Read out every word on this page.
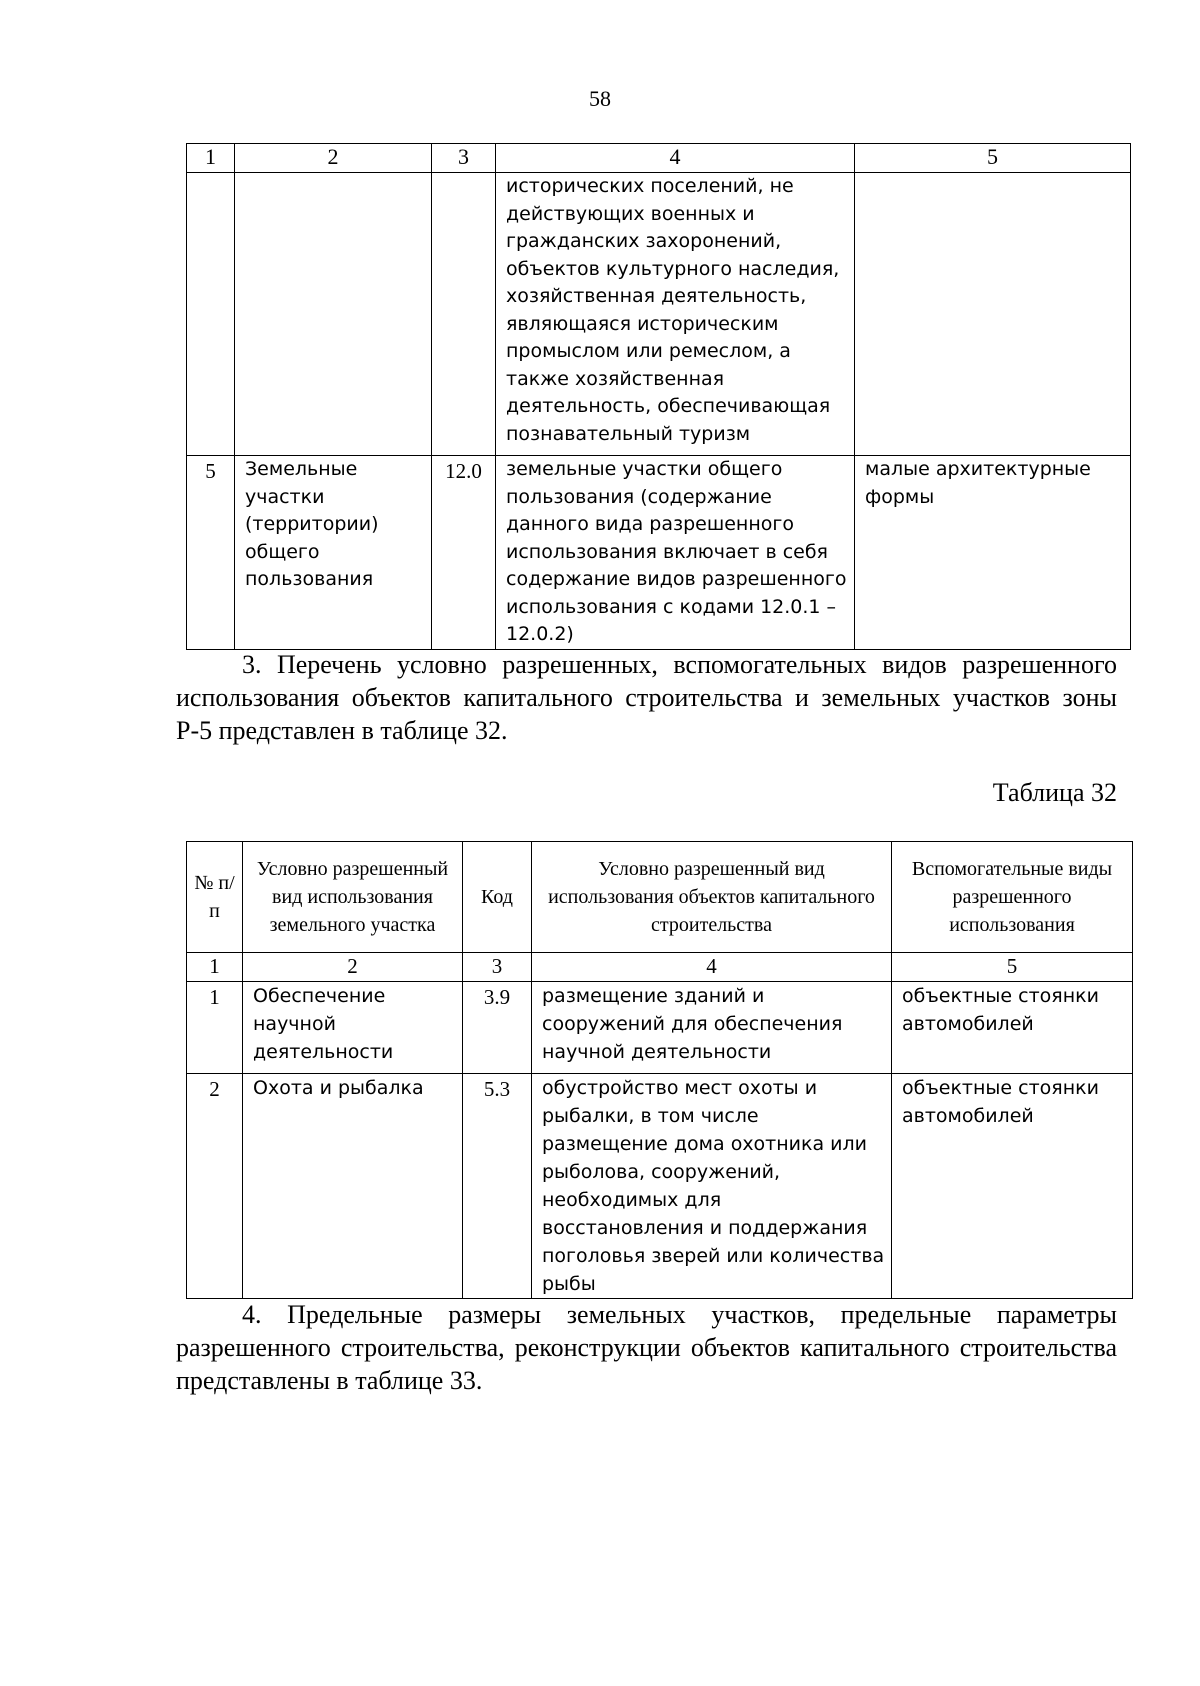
58
1	2	3	4	5
			исторических поселений, не действующих военных и гражданских захоронений, объектов культурного наследия, хозяйственная деятельность, являющаяся историческим промыслом или ремеслом, а также хозяйственная деятельность, обеспечивающая познавательный туризм	
5	Земельные участки (территории) общего пользования	12.0	земельные участки общего пользования (содержание данного вида разрешенного использования включает в себя содержание видов разрешенного использования с кодами 12.0.1 – 12.0.2)	малые архитектурные формы

3. Перечень условно разрешенных, вспомогательных видов разрешенного использования объектов капитального строительства и земельных участков зоны Р-5 представлен в таблице 32.

Таблица 32
№ п/п	Условно разрешенный вид использования земельного участка	Код	Условно разрешенный вид использования объектов капитального строительства	Вспомогательные виды разрешенного использования
1	2	3	4	5
1	Обеспечение научной деятельности	3.9	размещение зданий и сооружений для обеспечения научной деятельности	объектные стоянки автомобилей
2	Охота и рыбалка	5.3	обустройство мест охоты и рыбалки, в том числе размещение дома охотника или рыболова, сооружений, необходимых для восстановления и поддержания поголовья зверей или количества рыбы	объектные стоянки автомобилей

4. Предельные размеры земельных участков, предельные параметры разрешенного строительства, реконструкции объектов капитального строительства представлены в таблице 33.
